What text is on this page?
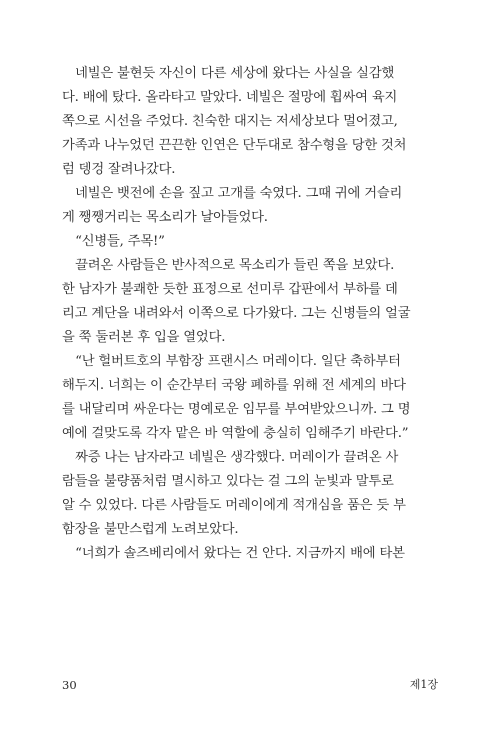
　네빌은 불현듯 자신이 다른 세상에 왔다는 사실을 실감했
다. 배에 탔다. 올라타고 말았다. 네빌은 절망에 휩싸여 육지
쪽으로 시선을 주었다. 친숙한 대지는 저세상보다 멀어졌고,
가족과 나누었던 끈끈한 인연은 단두대로 참수형을 당한 것처
럼 뎅겅 잘려나갔다.
　네빌은 뱃전에 손을 짚고 고개를 숙였다. 그때 귀에 거슬리
게 쨍쨍거리는 목소리가 날아들었다.
　“신병들, 주목!”
　끌려온 사람들은 반사적으로 목소리가 들린 쪽을 보았다.
한 남자가 불쾌한 듯한 표정으로 선미루 갑판에서 부하를 데
리고 계단을 내려와서 이쪽으로 다가왔다. 그는 신병들의 얼굴
을 쭉 둘러본 후 입을 열었다.
　“난 헐버트호의 부함장 프랜시스 머레이다. 일단 축하부터
해두지. 너희는 이 순간부터 국왕 폐하를 위해 전 세계의 바다
를 내달리며 싸운다는 명예로운 임무를 부여받았으니까. 그 명
예에 걸맞도록 각자 맡은 바 역할에 충실히 임해주기 바란다.”
　짜증 나는 남자라고 네빌은 생각했다. 머레이가 끌려온 사
람들을 불량품처럼 멸시하고 있다는 걸 그의 눈빛과 말투로
알 수 있었다. 다른 사람들도 머레이에게 적개심을 품은 듯 부
함장을 불만스럽게 노려보았다.
　“너희가 솔즈베리에서 왔다는 건 안다. 지금까지 배에 타본
30	제1장
